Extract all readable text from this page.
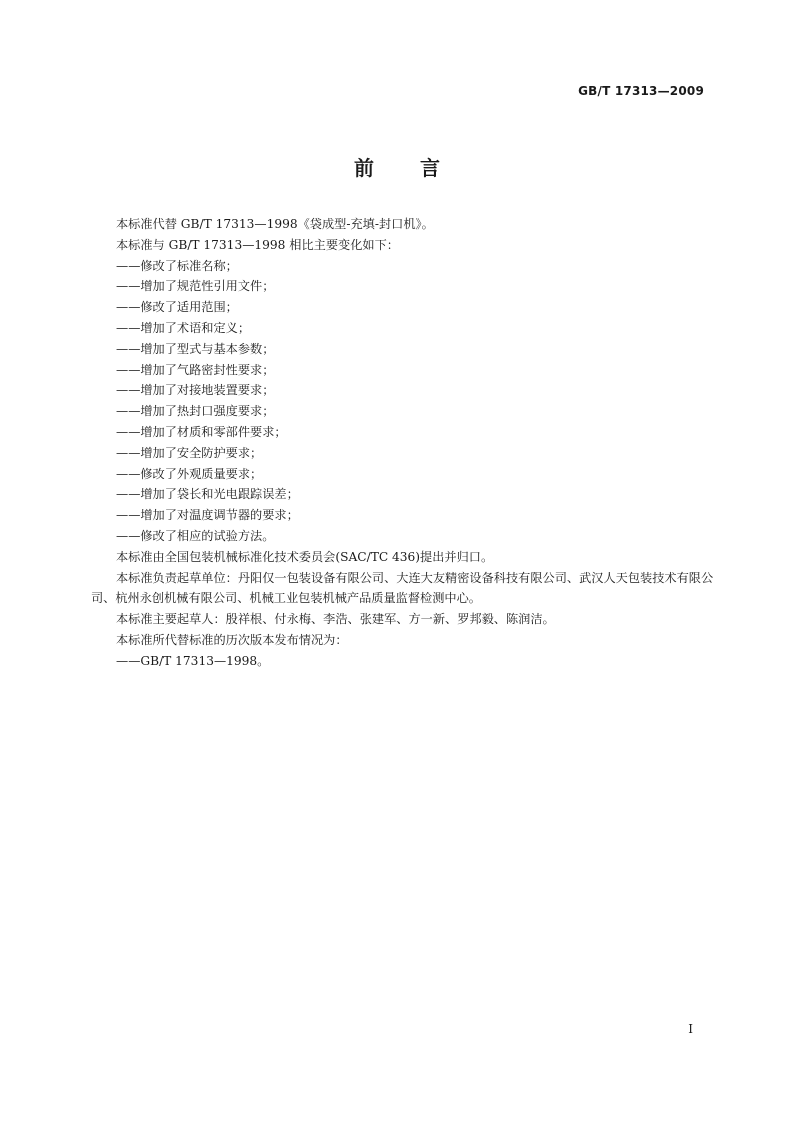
GB/T 17313—2009
前言

本标准代替 GB/T 17313—1998《袋成型-充填-封口机》。

本标准与 GB/T 17313—1998 相比主要变化如下：

——修改了标准名称；

——增加了规范性引用文件；

——修改了适用范围；

——增加了术语和定义；

——增加了型式与基本参数；

——增加了气路密封性要求；

——增加了对接地装置要求；

——增加了热封口强度要求；

——增加了材质和零部件要求；

——增加了安全防护要求；

——修改了外观质量要求；

——增加了袋长和光电跟踪误差；

——增加了对温度调节器的要求；

——修改了相应的试验方法。

本标准由全国包装机械标准化技术委员会(SAC/TC 436)提出并归口。

本标准负责起草单位：丹阳仅一包装设备有限公司、大连大友精密设备科技有限公司、武汉人天包装技术有限公司、杭州永创机械有限公司、机械工业包装机械产品质量监督检测中心。

本标准主要起草人：殷祥根、付永梅、李浩、张建军、方一新、罗邦毅、陈润洁。

本标准所代替标准的历次版本发布情况为：

——GB/T 17313—1998。

I
